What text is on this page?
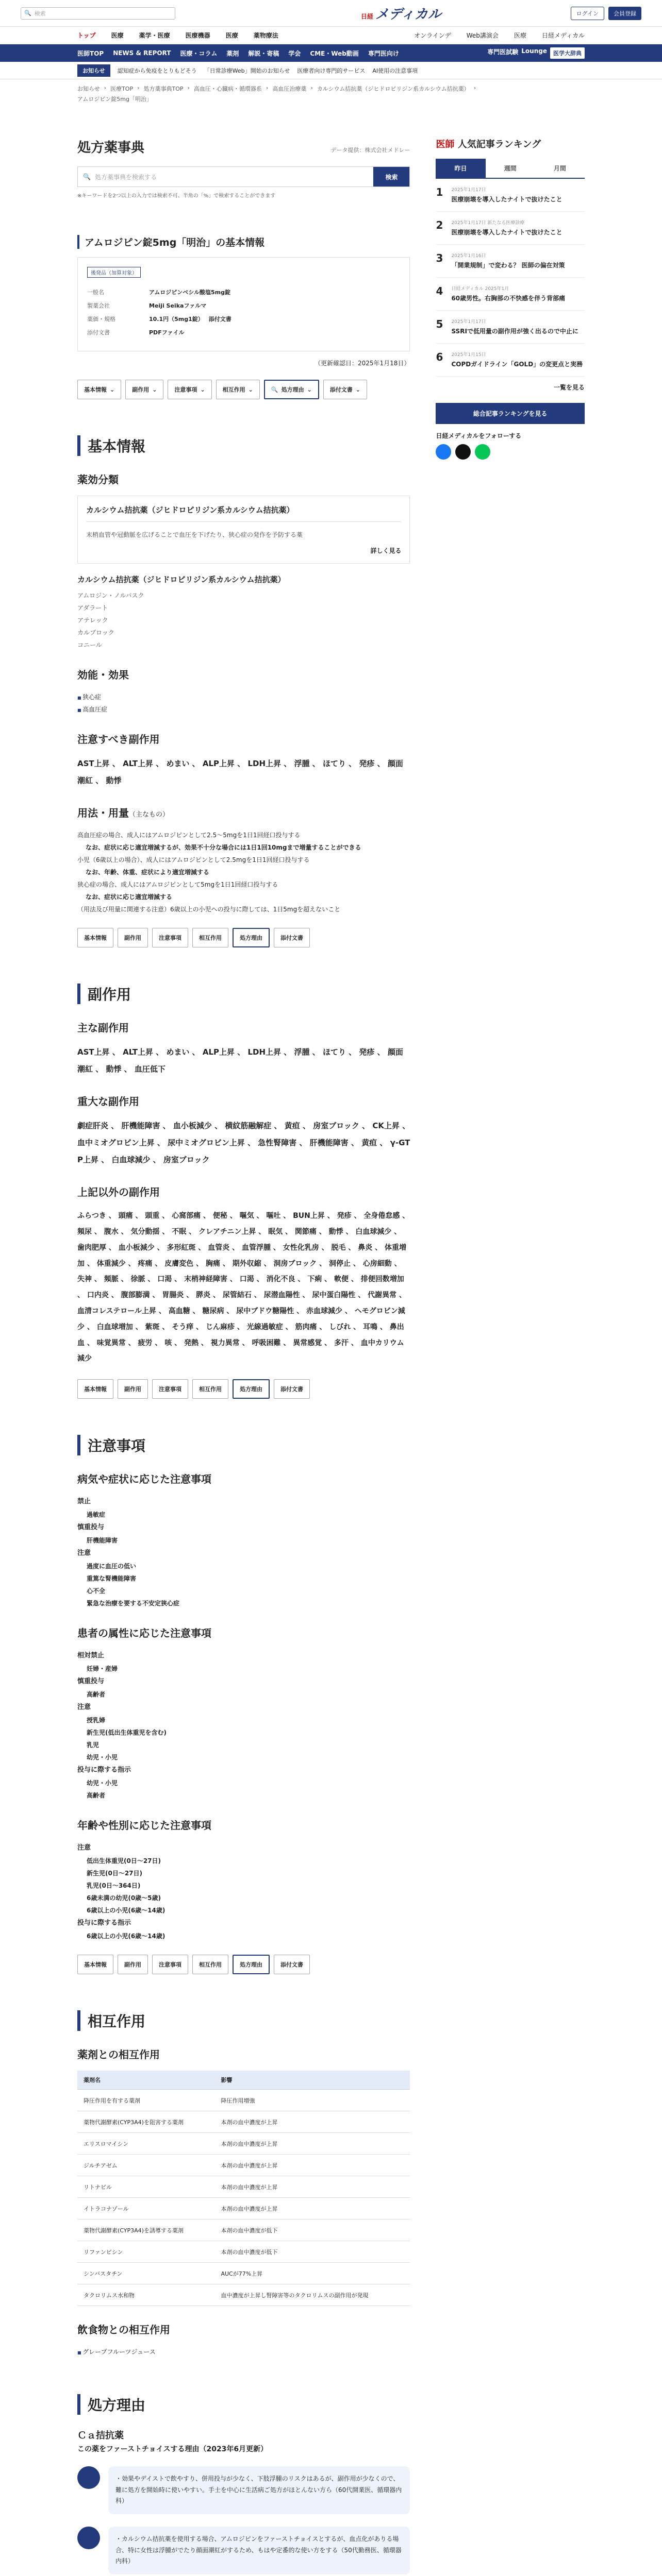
🔍 検索	日経 メディカル	ログイン	会員登録
トップ	医療	薬学・医療	医療機器	医療	薬物療法	オンラインデ	Web講演会	医療	日経メディカル
医師TOP NEWS & REPORT 医療・コラム 薬剤 解説・寄稿 学会 CME・Web動画 専門医向け	専門医試験 Lounge	医学大辞典
お知らせ	認知症から免疫をとりもどそう 「日常診療Web」開始のお知らせ 医療者向け専門的サービス AI使用の注意事項
お知らせ › 医療TOP › 処方薬事典TOP › 高血圧・心臓病・循環器系 › 高血圧治療薬 › カルシウム拮抗薬（ジヒドロピリジン系カルシウム拮抗薬） ›
アムロジピン錠5mg「明治」
処方薬事典	データ提供：株式会社メドレー
🔍 処方薬事典を検索する	検索
※キーワードを2つ以上の入力では検索不可、半角の「%」で検索することができます
アムロジピン錠5mg「明治」の基本情報
後発品（加算対象）
一般名	アムロジピンベシル酸塩5mg錠
製薬会社	Meiji Seikaファルマ
薬価・規格	10.1円（5mg1錠） 添付文書
添付文書	PDFファイル
（更新確認日：2025年1月18日）
基本情報 ⌄	副作用 ⌄	注意事項 ⌄	相互作用 ⌄	🔍 処方理由 ⌄	添付文書 ⌄
基本情報
薬効分類
カルシウム拮抗薬（ジヒドロピリジン系カルシウム拮抗薬）

末梢血管や冠動脈を広げることで血圧を下げたり、狭心症の発作を予防する薬

詳しく見る
カルシウム拮抗薬（ジヒドロピリジン系カルシウム拮抗薬）
アムロジン・ノルバスク
アダラート
アテレック
カルブロック
コニール
効能・効果
■ 狭心症
■ 高血圧症
注意すべき副作用
AST上昇 、 ALT上昇 、 めまい 、 ALP上昇 、 LDH上昇 、 浮腫 、 ほてり 、 発疹 、 顔面潮紅 、 動悸
用法・用量（主なもの）
高血圧症の場合、成人にはアムロジピンとして2.5〜5mgを1日1回経口投与する
なお、症状に応じ適宜増減するが、効果不十分な場合には1日1回10mgまで増量することができる
小児（6歳以上の場合）、成人にはアムロジピンとして2.5mgを1日1回経口投与する
なお、年齢、体重、症状により適宜増減する
狭心症の場合、成人にはアムロジピンとして5mgを1日1回経口投与する
なお、症状に応じ適宜増減する
（用法及び用量に関連する注意）6歳以上の小児への投与に際しては、1日5mgを超えないこと
基本情報	副作用	注意事項	相互作用	処方理由	添付文書
副作用
主な副作用
AST上昇 、 ALT上昇 、 めまい 、 ALP上昇 、 LDH上昇 、 浮腫 、 ほてり 、 発疹 、 顔面潮紅 、 動悸 、 血圧低下
重大な副作用
劇症肝炎 、 肝機能障害 、 血小板減少 、 横紋筋融解症 、 黄疸 、 房室ブロック 、 CK上昇 、 血中ミオグロビン上昇 、 尿中ミオグロビン上昇 、 急性腎障害 、 肝機能障害 、 黄疸 、 γ-GTP上昇 、 白血球減少 、 房室ブロック
上記以外の副作用
ふらつき 、 頭痛 、 頭重 、 心窩部痛 、 便秘 、 嘔気 、 嘔吐 、 BUN上昇 、 発疹 、 全身倦怠感 、 頻尿 、 腹水 、 気分動揺 、 不眠 、 クレアチニン上昇 、 眠気 、 関節痛 、 動悸 、 白血球減少 、 歯肉肥厚 、 血小板減少 、 多形紅斑 、 血管炎 、 血管浮腫 、 女性化乳房 、 脱毛 、 鼻炎 、 体重増加 、 体重減少 、 疼痛 、 皮膚変色 、 胸痛 、 期外収縮 、 洞房ブロック 、 洞停止 、 心房細動 、 失神 、 頻脈 、 徐脈 、 口渇 、 末梢神経障害 、 口渇 、 消化不良 、 下痢 、 軟便 、 排便回数増加 、 口内炎 、 腹部膨満 、 胃腸炎 、 膵炎 、 尿管結石 、 尿潜血陽性 、 尿中蛋白陽性 、 代謝異常 、 血清コレステロール上昇 、 高血糖 、 糖尿病 、 尿中ブドウ糖陽性 、 赤血球減少 、 ヘモグロビン減少 、 白血球増加 、 紫斑 、 そう痒 、 じん麻疹 、 光線過敏症 、 筋肉痛 、 しびれ 、 耳鳴 、 鼻出血 、 味覚異常 、 疲労 、 咳 、 発熱 、 視力異常 、 呼吸困難 、 異常感覚 、 多汗 、 血中カリウム減少
基本情報	副作用	注意事項	相互作用	処方理由	添付文書
注意事項
病気や症状に応じた注意事項
禁止
過敏症
慎重投与
肝機能障害
注意
過度に血圧の低い
重篤な腎機能障害
心不全
緊急な治療を要する不安定狭心症
患者の属性に応じた注意事項
相対禁止
妊婦・産婦
慎重投与
高齢者
注意
授乳婦
新生児(低出生体重児を含む)
乳児
幼児・小児
投与に際する指示
幼児・小児
高齢者
年齢や性別に応じた注意事項
注意
低出生体重児(0日〜27日)
新生児(0日〜27日)
乳児(0日〜364日)
6歳未満の幼児(0歳〜5歳)
6歳以上の小児(6歳〜14歳)
投与に際する指示
6歳以上の小児(6歳〜14歳)
基本情報	副作用	注意事項	相互作用	処方理由	添付文書
相互作用
薬剤との相互作用
薬剤名	影響
降圧作用を有する薬剤	降圧作用増強
薬物代謝酵素(CYP3A4)を阻害する薬剤	本剤の血中濃度が上昇
エリスロマイシン	本剤の血中濃度が上昇
ジルチアゼム	本剤の血中濃度が上昇
リトナビル	本剤の血中濃度が上昇
イトラコナゾール	本剤の血中濃度が上昇
薬物代謝酵素(CYP3A4)を誘導する薬剤	本剤の血中濃度が低下
リファンピシン	本剤の血中濃度が低下
シンバスタチン	AUCが77%上昇
タクロリムス水和物	血中濃度が上昇し腎障害等のタクロリムスの副作用が発現
飲食物との相互作用
■ グレープフルーツジュース
処方理由
Ｃａ拮抗薬
この薬をファーストチョイスする理由（2023年6月更新）
・効果やデイストで飲やすり、併用投与が少なく、下肢浮腫のリスクはあるが、副作用が少なくので、難に処方を開始時に使いやすい。手士を中心に生活病ご処方がほとんない方ら（60代開業医、循環器内科）
・カルシウム拮抗薬を使用する場合、アムロジピンをファーストチョイスとするが、血点化がありる場合、特に女性は浮腫がでたり顔面潮紅がするため、もはや定番的な使い方をする（50代勤務医、循環器内科）
医師 人気記事ランキング
昨日	週間	月間
1 2025年1月17日
医療崩壊を導入したナイトで抜けたこと
2 2025年1月17日 新たなる医療診療
医療崩壊を導入したナイトで抜けたこと
3 2025年1月16日
「開業規制」で変わる？ 医師の偏在対策
4 日経メディカル 2025年1月
60歳男性。右胸部の不快感を伴う背部痛
5 2025年1月17日
SSRIで低用量の副作用が強く出るので中止に
6 2025年1月15日
COPDガイドライン「GOLD」の変更点と実務
一覧を見る
総合記事ランキングを見る
日経メディカルをフォローする
